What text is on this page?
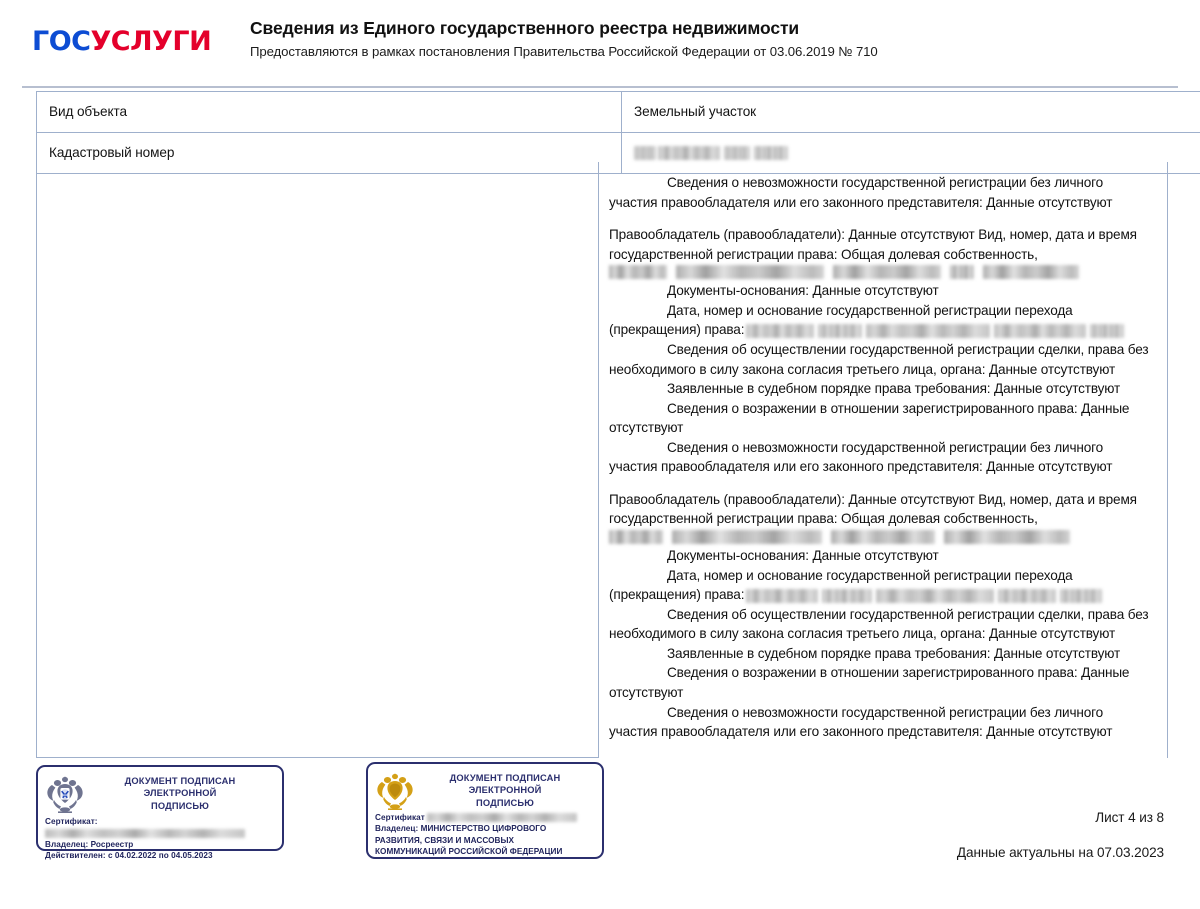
ГОСУСЛУГИ Сведения из Единого государственного реестра недвижимости

Предоставляются в рамках постановления Правительства Российской Федерации от 03.06.2019 № 710

Вид объекта	Земельный участок
Кадастровый номер	

Сведения о невозможности государственной регистрации без личного участия правообладателя или его законного представителя: Данные отсутствуют

Правообладатель (правообладатели): Данные отсутствуют Вид, номер, дата и время государственной регистрации права: Общая долевая собственность,

Документы-основания: Данные отсутствуют

Дата, номер и основание государственной регистрации перехода (прекращения) права:

Сведения об осуществлении государственной регистрации сделки, права без необходимого в силу закона согласия третьего лица, органа: Данные отсутствуют

Заявленные в судебном порядке права требования: Данные отсутствуют

Сведения о возражении в отношении зарегистрированного права: Данные отсутствуют

Сведения о невозможности государственной регистрации без личного участия правообладателя или его законного представителя: Данные отсутствуют

Правообладатель (правообладатели): Данные отсутствуют Вид, номер, дата и время государственной регистрации права: Общая долевая собственность,

Документы-основания: Данные отсутствуют

Дата, номер и основание государственной регистрации перехода (прекращения) права:

Сведения об осуществлении государственной регистрации сделки, права без необходимого в силу закона согласия третьего лица, органа: Данные отсутствуют

Заявленные в судебном порядке права требования: Данные отсутствуют

Сведения о возражении в отношении зарегистрированного права: Данные отсутствуют

Сведения о невозможности государственной регистрации без личного участия правообладателя или его законного представителя: Данные отсутствуют

ДОКУМЕНТ ПОДПИСАН
ЭЛЕКТРОННОЙ
ПОДПИСЬЮ
Сертификат:
Владелец: Росреестр
Действителен: с 04.02.2022 по 04.05.2023
ДОКУМЕНТ ПОДПИСАН
ЭЛЕКТРОННОЙ
ПОДПИСЬЮ
Сертификат
Владелец: МИНИСТЕРСТВО ЦИФРОВОГО
РАЗВИТИЯ, СВЯЗИ И МАССОВЫХ
КОММУНИКАЦИЙ РОССИЙСКОЙ ФЕДЕРАЦИИ
Лист 4 из 8
Данные актуальны на 07.03.2023
